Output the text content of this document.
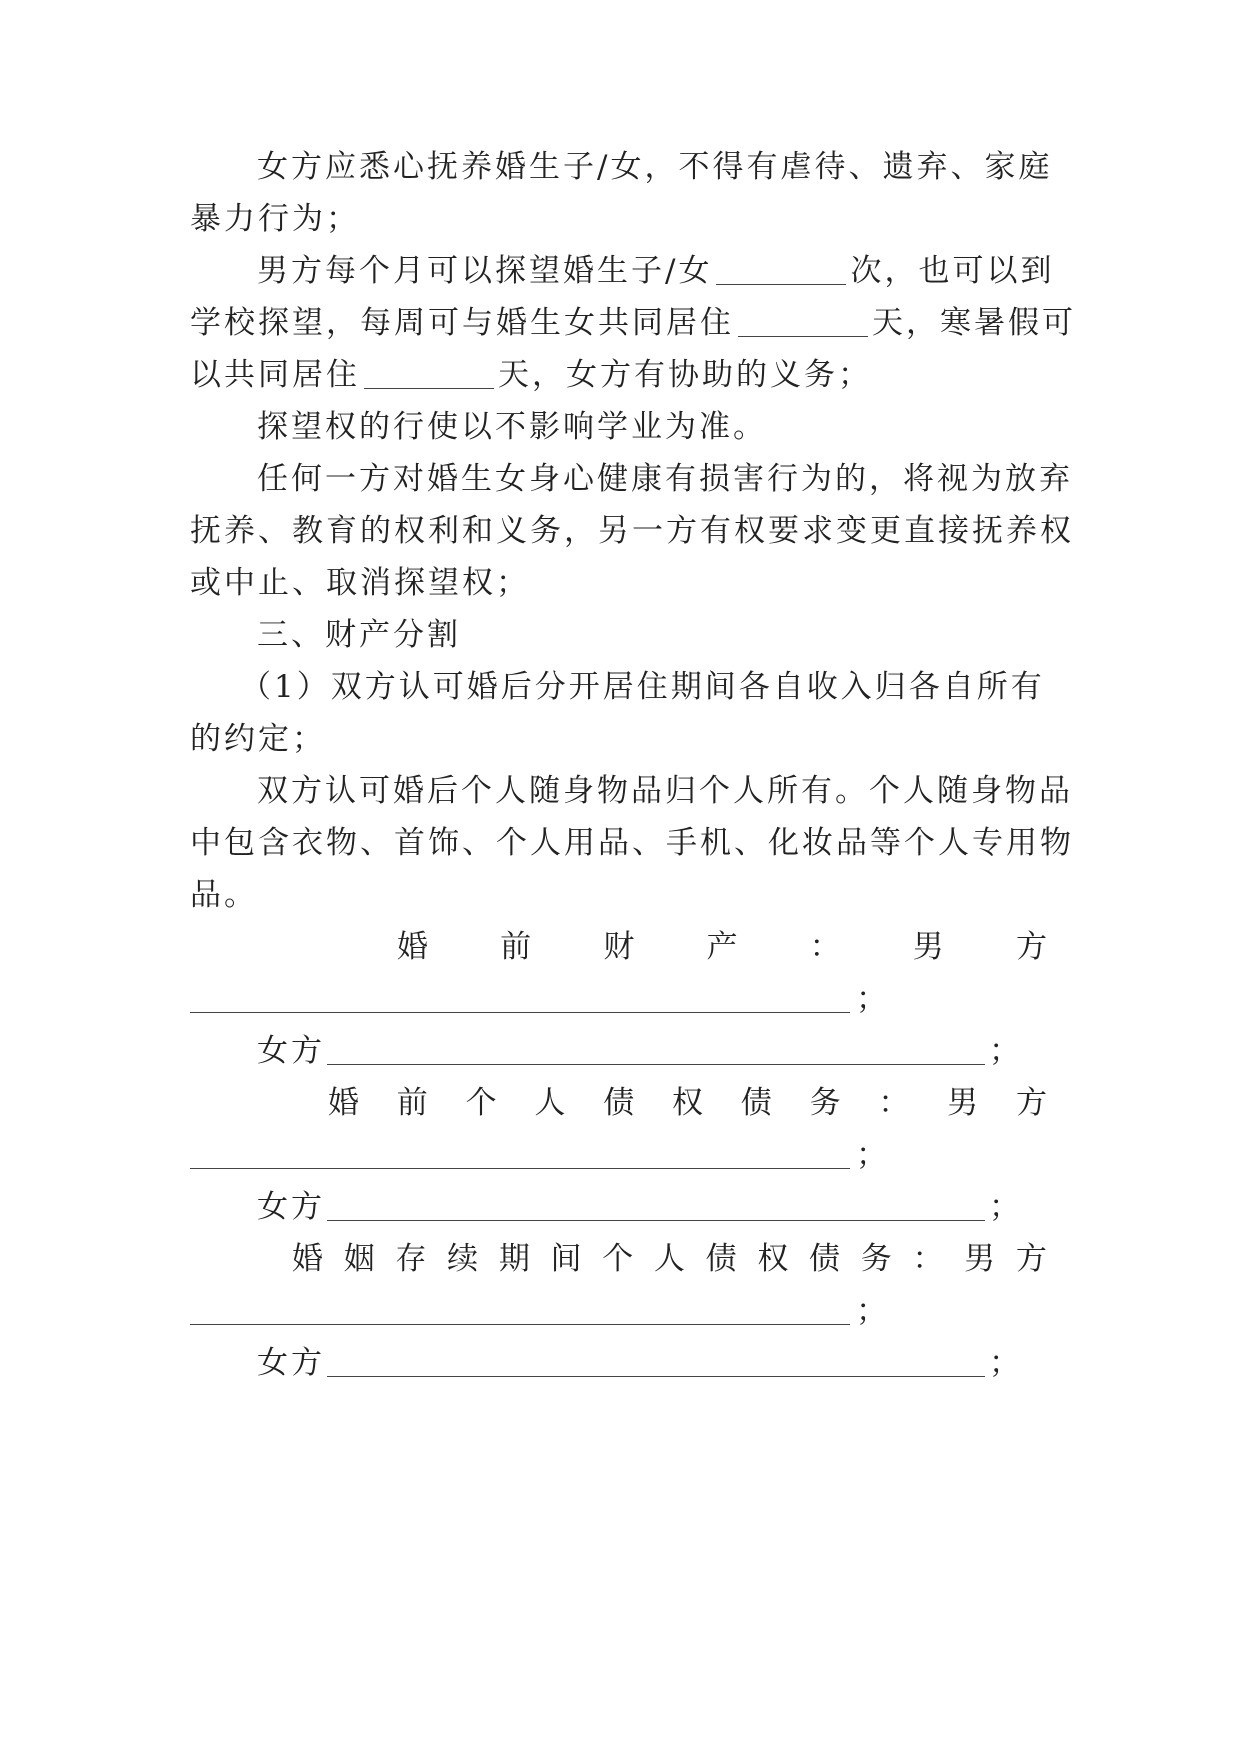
女方应悉心抚养婚生子/女，不得有虐待、遗弃、家庭
暴力行为；
男方每个月可以探望婚生子/女	次，也可以到
学校探望，每周可与婚生女共同居住	天，寒暑假可
以共同居住	天，女方有协助的义务；
探望权的行使以不影响学业为准。
任何一方对婚生女身心健康有损害行为的，将视为放弃
抚养、教育的权利和义务，另一方有权要求变更直接抚养权
或中止、取消探望权；
三、财产分割
（1）双方认可婚后分开居住期间各自收入归各自所有
的约定；
双方认可婚后个人随身物品归个人所有。个人随身物品
中包含衣物、首饰、个人用品、手机、化妆品等个人专用物
品。
婚 前 财 产 ： 男 方
；
女方	；
婚 前 个 人 债 权 债 务 ： 男 方
；
女方	；
婚 姻 存 续 期 间 个 人 债 权 债 务 ： 男 方
；
女方	；
